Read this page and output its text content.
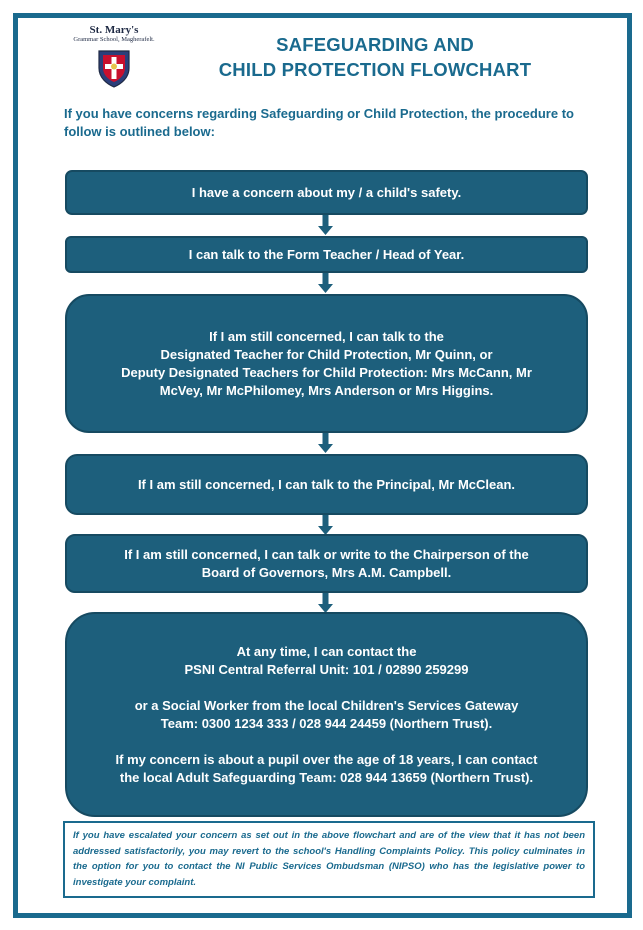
St. Mary's
Grammar School, Magherafelt.	SAFEGUARDING AND
CHILD PROTECTION FLOWCHART
If you have concerns regarding Safeguarding or Child Protection, the procedure to follow is outlined below:

I have a concern about my / a child's safety.

I can talk to the Form Teacher / Head of Year.

If I am still concerned, I can talk to the

Designated Teacher for Child Protection, Mr Quinn, or

Deputy Designated Teachers for Child Protection: Mrs McCann, Mr

McVey, Mr McPhilomey, Mrs Anderson or Mrs Higgins.

If I am still concerned, I can talk to the Principal, Mr McClean.

If I am still concerned, I can talk or write to the Chairperson of the

Board of Governors, Mrs A.M. Campbell.

At any time, I can contact the

PSNI Central Referral Unit: 101 / 02890 259299

or a Social Worker from the local Children's Services Gateway

Team: 0300 1234 333 / 028 944 24459 (Northern Trust).

If my concern is about a pupil over the age of 18 years, I can contact

the local Adult Safeguarding Team: 028 944 13659 (Northern Trust).

If you have escalated your concern as set out in the above flowchart and are of the view that it has not been addressed satisfactorily, you may revert to the school's Handling Complaints Policy. This policy culminates in the option for you to contact the NI Public Services Ombudsman (NIPSO) who has the legislative power to investigate your complaint.
